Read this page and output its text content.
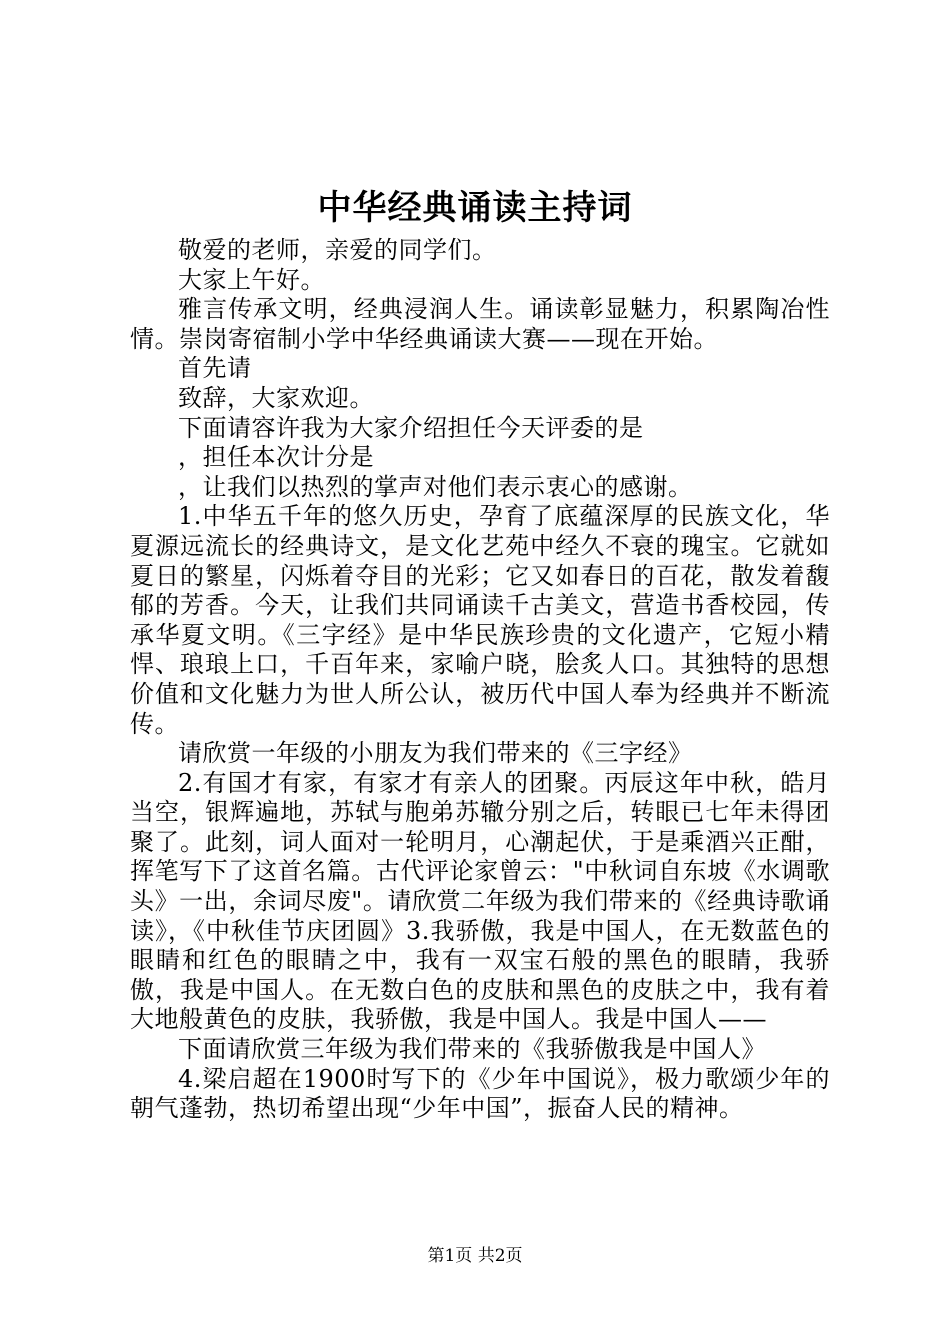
中华经典诵读主持词

敬爱的老师，亲爱的同学们。

大家上午好。

雅言传承文明，经典浸润人生。诵读彰显魅力，积累陶冶性情。崇岗寄宿制小学中华经典诵读大赛——现在开始。

首先请

致辞，大家欢迎。

下面请容许我为大家介绍担任今天评委的是

，担任本次计分是

，让我们以热烈的掌声对他们表示衷心的感谢。

1.中华五千年的悠久历史，孕育了底蕴深厚的民族文化，华夏源远流长的经典诗文，是文化艺苑中经久不衰的瑰宝。它就如夏日的繁星，闪烁着夺目的光彩；它又如春日的百花，散发着馥郁的芳香。今天，让我们共同诵读千古美文，营造书香校园，传承华夏文明。《三字经》是中华民族珍贵的文化遗产，它短小精悍、琅琅上口，千百年来，家喻户晓，脍炙人口。其独特的思想价值和文化魅力为世人所公认，被历代中国人奉为经典并不断流传。

请欣赏一年级的小朋友为我们带来的《三字经》

2.有国才有家，有家才有亲人的团聚。丙辰这年中秋，皓月当空，银辉遍地，苏轼与胞弟苏辙分别之后，转眼已七年未得团聚了。此刻，词人面对一轮明月，心潮起伏，于是乘酒兴正酣，挥笔写下了这首名篇。古代评论家曾云："中秋词自东坡《水调歌头》一出，余词尽废"。请欣赏二年级为我们带来的《经典诗歌诵读》，《中秋佳节庆团圆》3.我骄傲，我是中国人，在无数蓝色的眼睛和红色的眼睛之中，我有一双宝石般的黑色的眼睛，我骄傲，我是中国人。在无数白色的皮肤和黑色的皮肤之中，我有着大地般黄色的皮肤，我骄傲，我是中国人。我是中国人——

下面请欣赏三年级为我们带来的《我骄傲我是中国人》

4.梁启超在1900时写下的《少年中国说》，极力歌颂少年的朝气蓬勃，热切希望出现“少年中国”，振奋人民的精神。

第1页 共2页
